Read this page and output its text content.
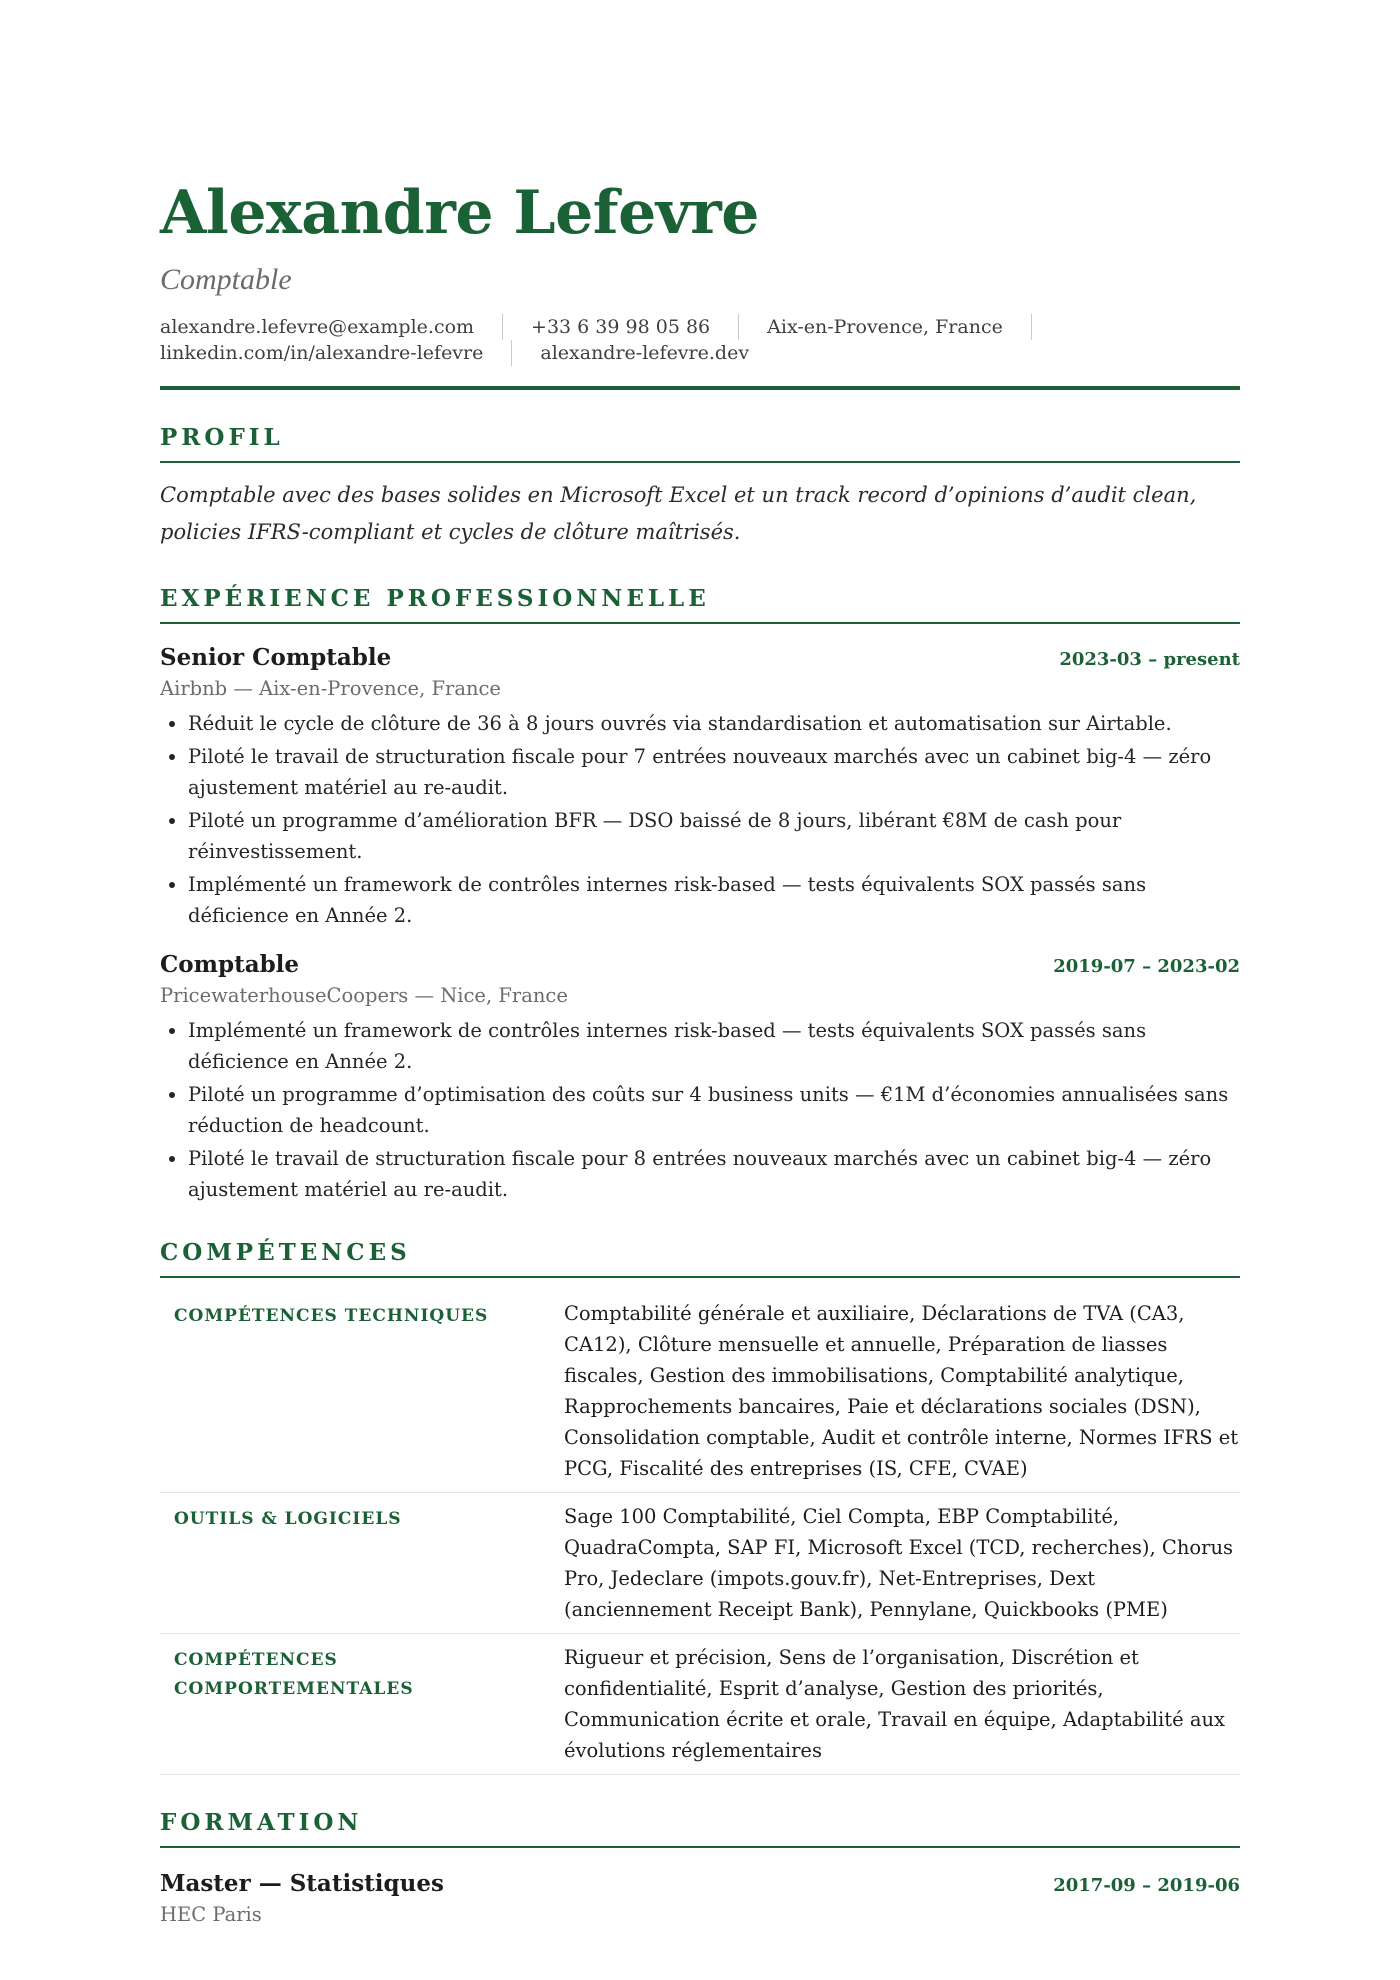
Alexandre Lefevre
Comptable
alexandre.lefevre@example.com	+33 6 39 98 05 86	Aix-en-Provence, France
linkedin.com/in/alexandre-lefevre	alexandre-lefevre.dev
PROFIL
Comptable avec des bases solides en Microsoft Excel et un track record d’opinions d’audit clean, policies IFRS-compliant et cycles de clôture maîtrisés.
EXPÉRIENCE PROFESSIONNELLE
Senior Comptable	2023-03 – present
Airbnb — Aix-en-Provence, France
• Réduit le cycle de clôture de 36 à 8 jours ouvrés via standardisation et automatisation sur Airtable.
• Piloté le travail de structuration fiscale pour 7 entrées nouveaux marchés avec un cabinet big-4 — zéro ajustement matériel au re-audit.
• Piloté un programme d’amélioration BFR — DSO baissé de 8 jours, libérant €8M de cash pour réinvestissement.
• Implémenté un framework de contrôles internes risk-based — tests équivalents SOX passés sans déficience en Année 2.
Comptable	2019-07 – 2023-02
PricewaterhouseCoopers — Nice, France
• Implémenté un framework de contrôles internes risk-based — tests équivalents SOX passés sans déficience en Année 2.
• Piloté un programme d’optimisation des coûts sur 4 business units — €1M d’économies annualisées sans réduction de headcount.
• Piloté le travail de structuration fiscale pour 8 entrées nouveaux marchés avec un cabinet big-4 — zéro ajustement matériel au re-audit.
COMPÉTENCES
COMPÉTENCES TECHNIQUES	Comptabilité générale et auxiliaire, Déclarations de TVA (CA3, CA12), Clôture mensuelle et annuelle, Préparation de liasses fiscales, Gestion des immobilisations, Comptabilité analytique, Rapprochements bancaires, Paie et déclarations sociales (DSN), Consolidation comptable, Audit et contrôle interne, Normes IFRS et PCG, Fiscalité des entreprises (IS, CFE, CVAE)
OUTILS & LOGICIELS	Sage 100 Comptabilité, Ciel Compta, EBP Comptabilité, QuadraCompta, SAP FI, Microsoft Excel (TCD, recherches), Chorus Pro, Jedeclare (impots.gouv.fr), Net-Entreprises, Dext (anciennement Receipt Bank), Pennylane, Quickbooks (PME)
COMPÉTENCES COMPORTEMENTALES	Rigueur et précision, Sens de l’organisation, Discrétion et confidentialité, Esprit d’analyse, Gestion des priorités, Communication écrite et orale, Travail en équipe, Adaptabilité aux évolutions réglementaires
FORMATION
Master — Statistiques	2017-09 – 2019-06
HEC Paris
